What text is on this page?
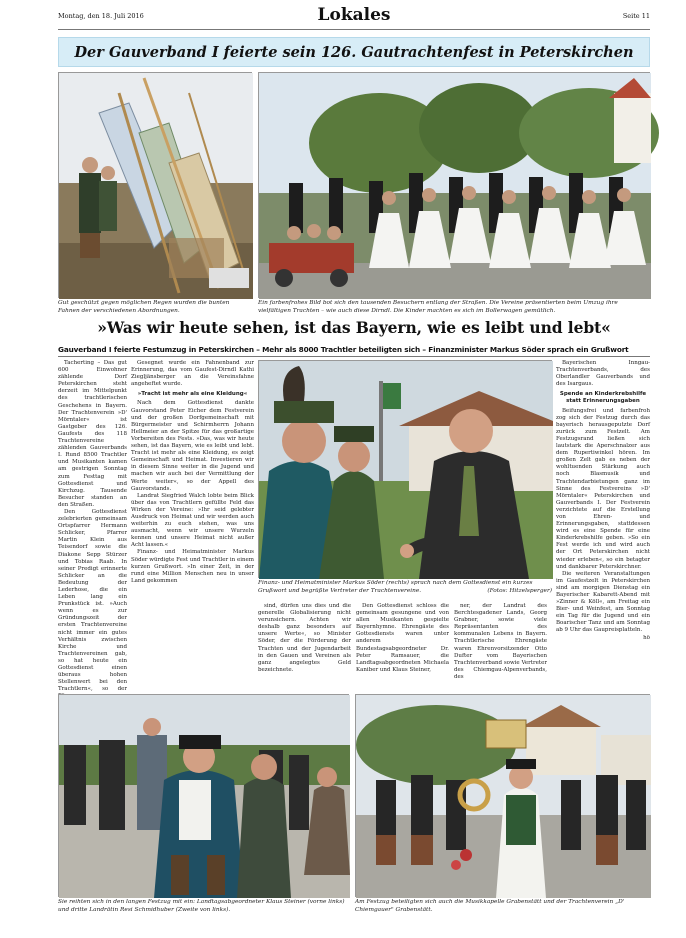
Montag, den 18. Juli 2016	Lokales	Seite 11
Der Gauverband I feierte sein 126. Gautrachtenfest in Peterskirchen
Gut geschützt gegen möglichen Regen wurden die bunten Fahnen der verschiedenen Abordnungen.
Ein farbenfrohes Bild bot sich den tausenden Besuchern entlang der Straßen. Die Vereine präsentierten beim Umzug ihre vielfältigen Trachten – wie auch diese Dirndl. Die Kinder machten es sich im Bollerwagen gemütlich.
»Was wir heute sehen, ist das Bayern, wie es leibt und lebt«
Gauverband I feierte Festumzug in Peterskirchen – Mehr als 8000 Trachtler beteiligten sich – Finanzminister Markus Söder sprach ein Grußwort

Tacherting – Das gut 600 Einwohner zählende Dorf Peterskirchen steht derzeit im Mittelpunkt des trachtlerischen Geschehens in Bayern. Der Trachtenverein »D' Mörntaler« ist Gastgeber des 126. Gaufests des 118 Trachtenvereine zählenden Gauverbands I. Rund 8500 Trachtler und Musikanten kamen am gestrigen Sonntag zum Festtag mit Gottesdienst und Kirchzug. Tausende Besucher standen an den Straßen.

Den Gottesdienst zelebrierten gemeinsam Ortspfarrer Hermann Schlicker, Pfarrer Martin Klein aus Teisendorf sowie die Diakone Sepp Stürzer und Tobias Raab. In seiner Predigt erinnerte Schlicker an die Bedeutung der Lederhose, die ein Leben lang ein Prunkstück ist. »Auch wenn es zur Gründungszeit der ersten Trachtenvereine nicht immer ein gutes Verhältnis zwischen Kirche und Trachtenvereinen gab, so hat heute ein Gottesdienst einen überaus hohen Stellenwert bei den Trachtlern«, so der

Gesegnet wurde ein Fahnenband zur Erinnerung, das vom Gaufest-Dirndl Kathi Ziegljänsberger an die Vereinsfahne angeheftet wurde.

»Tracht ist mehr als eine Kleidung«

Nach dem Gottesdienst dankte Gauvorstand Peter Eicher dem Festverein und der großen Dorfgemeinschaft mit Bürgermeister und Schirmherrn Johann Hellmeier an der Spitze für das großartige Vorbereiten des Fests. »Das, was wir heute sehen, ist das Bayern, wie es leibt und lebt. Tracht ist mehr als eine Kleidung, es zeigt Gemeinschaft und Heimat. Investieren wir in diesem Sinne weiter in die Jugend und machen wir auch bei der Vermittlung der Werte weiter«, so der Appell des Gauvorstands.

Landrat Siegfried Walch lobte beim Blick über das von Trachtlern gefüllte Feld das Wirken der Vereine: »Ihr seid gelebter Ausdruck von Heimat und wir werden auch weiterhin zu euch stehen, was uns ausmacht, wenn wir unsere Wurzeln kennen und unsere Heimat nicht außer Acht lassen.«

Finanz- und Heimatminister Markus Söder würdigte Fest und Trachtler in einem kurzen Grußwort. »In einer Zeit, in der rund eine Million Menschen neu in unser Land gekommen	Finanz- und Heimatminister Markus Söder (rechts) sprach nach dem Gottesdienst ein kurzes Grußwort und begrüßte Vertreter der Trachtenvereine.	(Fotos: Hitzelsperger)

sind, dürfen uns dies und die generelle Globalisierung nicht verunsichern. Achten wir deshalb ganz besonders auf unsere Werte«, so Minister Söder, der die Förderung der Trachten und der Jugendarbeit in den Gauen und Vereinen als ganz angelegtes Geld bezeichnete.

Den Gottesdienst schloss die gemeinsam gesungene und von allen Musikanten gespielte Bayernhymne. Ehrengäste des Gottesdiensts waren unter anderem Bundestagsabgeordneter Dr. Peter Ramsauer, die Landtagsabgeordneten Michaela Kaniber und Klaus Steiner,

ner, der Landrat des Berchtesgadener Lands, Georg Grabner, sowie viele Repräsentanten des kommunalen Lebens in Bayern. Trachtlerische Ehrengäste waren Ehrenvorsitzender Otto Dufter vom Bayerischen Trachtenverband sowie Vertreter des Chiemgau-Alpenverbands, des

Bayerischen Inngau-Trachtenverbands, des Oberlandler Gauverbands und des Isargaus.

Spende an Kinderkrebshilfe statt Erinnerungsgaben

Beifungsfrei und farbenfroh zog sich der Festzug durch das bayerisch herausgeputzte Dorf zurück zum Festzelt. Am Festzugsrand ließen sich lautstark die Aperschnalzer aus dem Rupertiwinkel hören. Im großen Zelt gab es neben der wohltuenden Stärkung auch noch Blasmusik und Trachtendarbietungen ganz im Sinne des Festvereins »D' Mörntaler« Peterskirchen und Gauverbands I. Der Festverein verzichtete auf die Erstellung von Ehren- und Erinnerungsgaben, stattdessen wird es eine Spende für eine Kinderkrebshilfe geben. »So ein Fest werde ich und wird auch der Ort Peterskirchen nicht wieder erleben«, so ein betagter und dankbarer Peterskirchner.

Die weiteren Veranstaltungen im Gaufestzelt in Peterskirchen sind am morgigen Dienstag ein Bayerischer Kabarett-Abend mit »Zinner & Köll«, am Freitag ein Bier- und Weinfest, am Sonntag ein Tag für die Jugend und ein Boarischer Tanz und am Sonntag ab 9 Uhr das Gaupreisplatteln.

hö

Sie reihten sich in den langen Festzug mit ein: Landtagsabgeordneter Klaus Steiner (vorne links) und dritte Landrätin Resi Schmidhuber (Zweite von links).
Am Festzug beteiligten sich auch die Musikkapelle Grabenstätt und der Trachtenverein „D' Chiemgauer" Grabenstätt.
